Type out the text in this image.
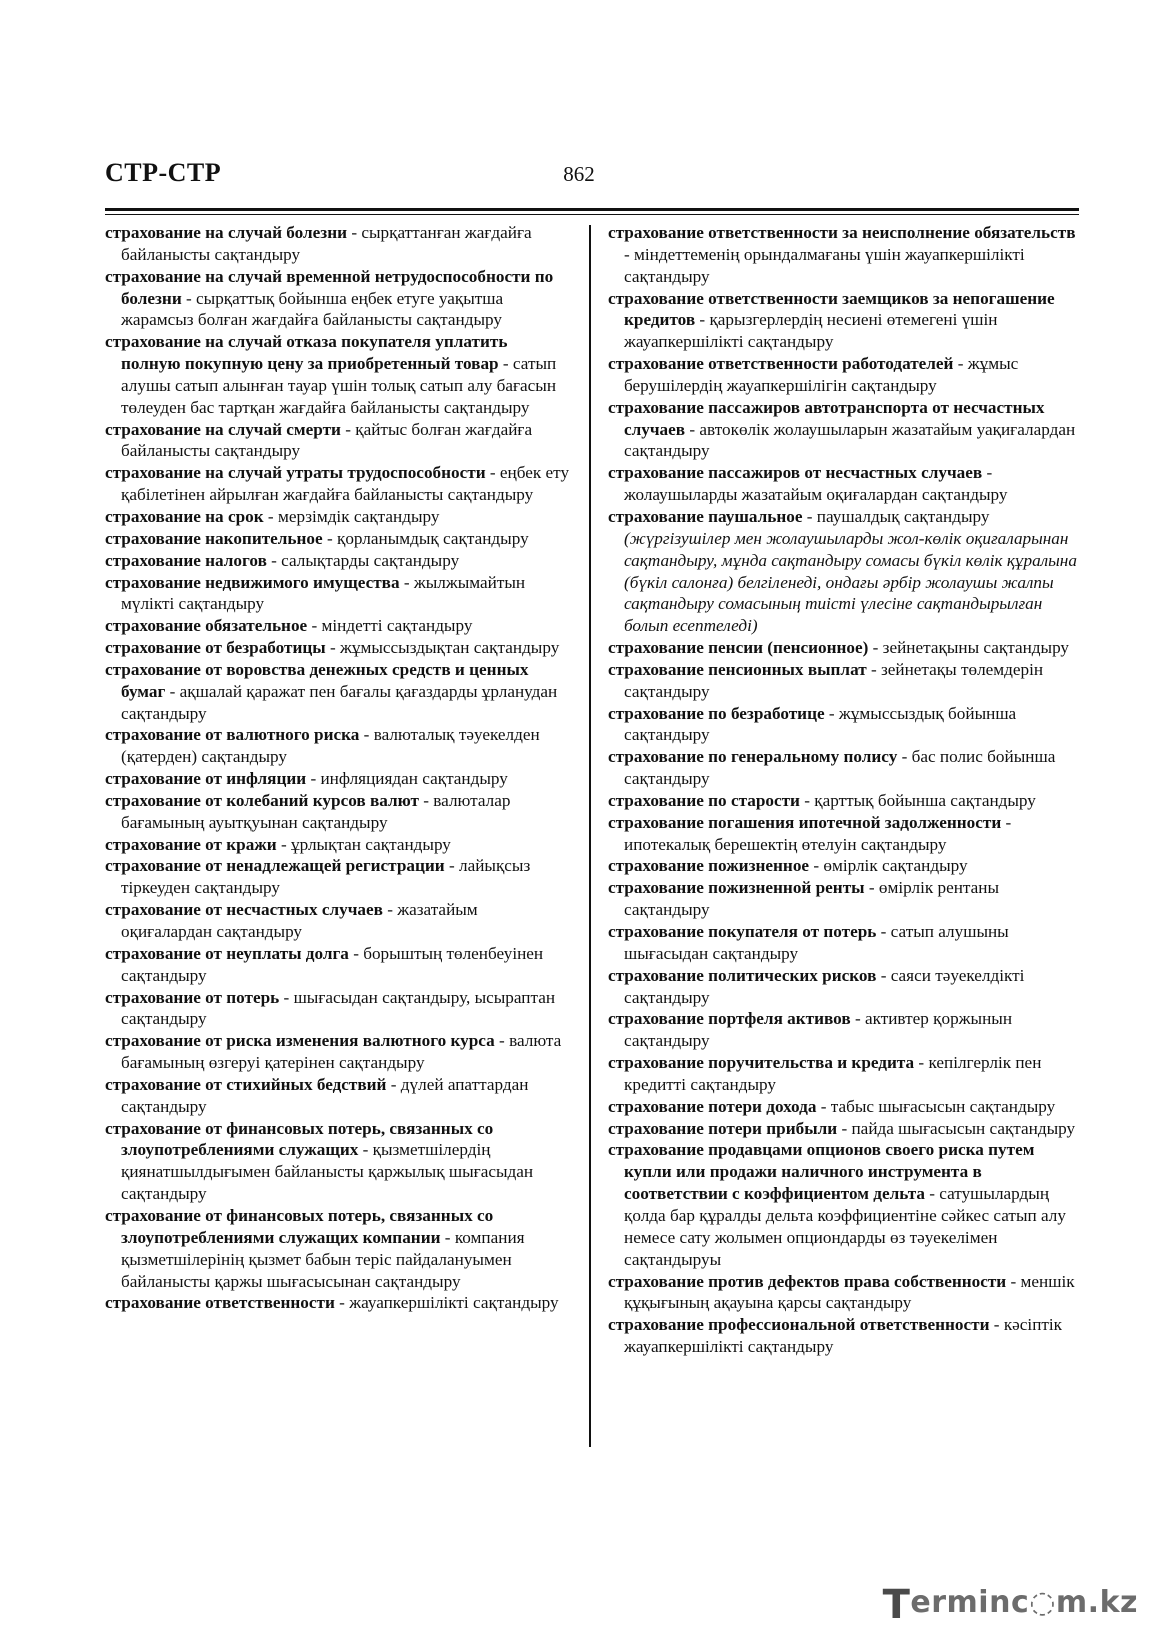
СТР-СТР	862

страхование на случай болезни - сырқаттанған жағдайға байланысты сақтандыру

страхование на случай временной нетрудоспособности по болезни - сырқаттық бойынша еңбек етуге уақытша жарамсыз болған жағдайға байланысты сақтандыру

страхование на случай отказа покупателя уплатить полную покупную цену за приобретенный товар - сатып алушы сатып алынған тауар үшін толық сатып алу бағасын төлеуден бас тартқан жағдайға байланысты сақтандыру

страхование на случай смерти - қайтыс болған жағдайға байланысты сақтандыру

страхование на случай утраты трудоспособности - еңбек ету қабілетінен айрылған жағдайға байланысты сақтандыру

страхование на срок - мерзімдік сақтандыру

страхование накопительное - қорланымдық сақтандыру

страхование налогов - салықтарды сақтандыру

страхование недвижимого имущества - жылжымайтын мүлікті сақтандыру

страхование обязательное - міндетті сақтандыру

страхование от безработицы - жұмыссыздықтан сақтандыру

страхование от воровства денежных средств и ценных бумаг - ақшалай қаражат пен бағалы қағаздарды ұрланудан сақтандыру

страхование от валютного риска - валюталық тәуекелден (қатерден) сақтандыру

страхование от инфляции - инфляциядан сақтандыру

страхование от колебаний курсов валют - валюталар бағамының ауытқуынан сақтандыру

страхование от кражи - ұрлықтан сақтандыру

страхование от ненадлежащей регистрации - лайықсыз тіркеуден сақтандыру

страхование от несчастных случаев - жазатайым оқиғалардан сақтандыру

страхование от неуплаты долга - борыштың төленбеуінен сақтандыру

страхование от потерь - шығасыдан сақтандыру, ысыраптан сақтандыру

страхование от риска изменения валютного курса - валюта бағамының өзгеруі қатерінен сақтандыру

страхование от стихийных бедствий - дүлей апаттардан сақтандыру

страхование от финансовых потерь, связанных со злоупотреблениями служащих - қызметшілердің қиянатшылдығымен байланысты қаржылық шығасыдан сақтандыру

страхование от финансовых потерь, связанных со злоупотреблениями служащих компании - компания қызметшілерінің қызмет бабын теріс пайдалануымен байланысты қаржы шығасысынан сақтандыру

страхование ответственности - жауапкершілікті сақтандыру

страхование ответственности за неисполнение обязательств - міндеттеменің орындалмағаны үшін жауапкершілікті сақтандыру

страхование ответственности заемщиков за непогашение кредитов - қарызгерлердің несиені өтемегені үшін жауапкершілікті сақтандыру

страхование ответственности работодателей - жұмыс берушілердің жауапкершілігін сақтандыру

страхование пассажиров автотранспорта от несчастных случаев - автокөлік жолаушыларын жазатайым уақиғалардан сақтандыру

страхование пассажиров от несчастных случаев - жолаушыларды жазатайым оқиғалардан сақтандыру

страхование паушальное - паушалдық сақтандыру (жүргізушілер мен жолаушыларды жол-көлік оқиғаларынан сақтандыру, мұнда сақтандыру сомасы бүкіл көлік құралына (бүкіл салонға) белгіленеді, ондағы әрбір жолаушы жалпы сақтандыру сомасының тиісті үлесіне сақтандырылған болып есептеледі)

страхование пенсии (пенсионное) - зейнетақыны сақтандыру

страхование пенсионных выплат - зейнетақы төлемдерін сақтандыру

страхование по безработице - жұмыссыздық бойынша сақтандыру

страхование по генеральному полису - бас полис бойынша сақтандыру

страхование по старости - қарттық бойынша сақтандыру

страхование погашения ипотечной задолженности - ипотекалық берешектің өтелуін сақтандыру

страхование пожизненное - өмірлік сақтандыру

страхование пожизненной ренты - өмірлік рентаны сақтандыру

страхование покупателя от потерь - сатып алушыны шығасыдан сақтандыру

страхование политических рисков - саяси тәуекелдікті сақтандыру

страхование портфеля активов - активтер қоржынын сақтандыру

страхование поручительства и кредита - кепілгерлік пен кредитті сақтандыру

страхование потери дохода - табыс шығасысын сақтандыру

страхование потери прибыли - пайда шығасысын сақтандыру

страхование продавцами опционов своего риска путем купли или продажи наличного инструмента в соответствии с коэффициентом дельта - сатушылардың қолда бар құралды дельта коэффициентіне сәйкес сатып алу немесе сату жолымен опциондарды өз тәуекелімен сақтандыруы

страхование против дефектов права собственности - меншік құқығының ақауына қарсы сақтандыру

страхование профессиональной ответственности - кәсіптік жауапкершілікті сақтандыру

Terminc◌m.kz
